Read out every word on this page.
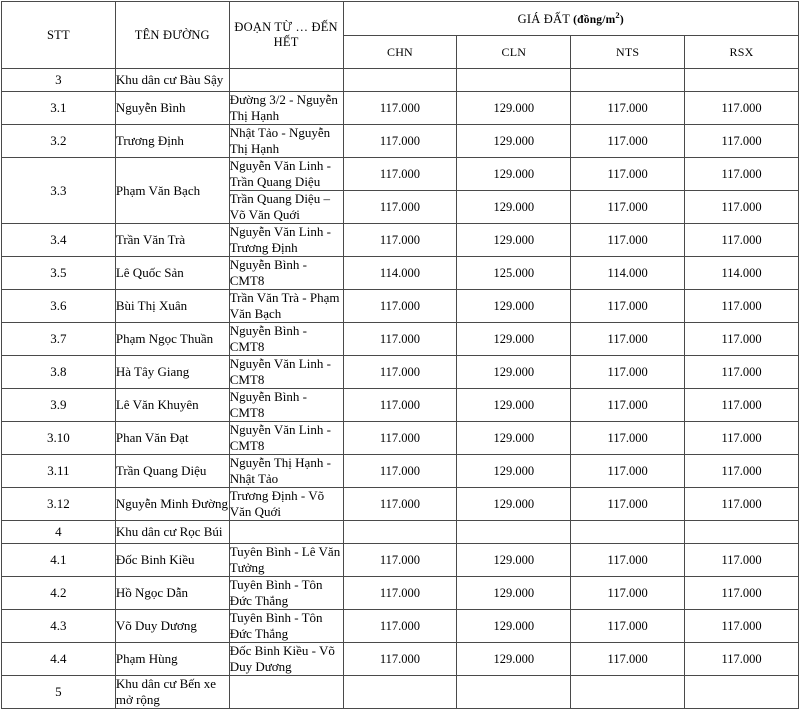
STT	TÊN ĐƯỜNG	ĐOẠN TỪ … ĐẾN HẾT	GIÁ ĐẤT $(đồng/m^2)$			
			CHN	CLN	NTS	RSX
3	Khu dân cư Bàu Sậy					
3.1	Nguyễn Bình	Đường 3/2 - Nguyễn Thị Hạnh	117.000	129.000	117.000	117.000
3.2	Trương Định	Nhật Tảo - Nguyễn Thị Hạnh	117.000	129.000	117.000	117.000
3.3	Phạm Văn Bạch	Nguyễn Văn Linh - Trần Quang Diệu	117.000	129.000	117.000	117.000
		Trần Quang Diệu – Võ Văn Quới	117.000	129.000	117.000	117.000
3.4	Trần Văn Trà	Nguyễn Văn Linh - Trương Định	117.000	129.000	117.000	117.000
3.5	Lê Quốc Sản	Nguyễn Bình - CMT8	114.000	125.000	114.000	114.000
3.6	Bùi Thị Xuân	Trần Văn Trà - Phạm Văn Bạch	117.000	129.000	117.000	117.000
3.7	Phạm Ngọc Thuần	Nguyễn Bình - CMT8	117.000	129.000	117.000	117.000
3.8	Hà Tây Giang	Nguyễn Văn Linh - CMT8	117.000	129.000	117.000	117.000
3.9	Lê Văn Khuyên	Nguyễn Bình - CMT8	117.000	129.000	117.000	117.000
3.10	Phan Văn Đạt	Nguyễn Văn Linh - CMT8	117.000	129.000	117.000	117.000
3.11	Trần Quang Diệu	Nguyễn Thị Hạnh - Nhật Tảo	117.000	129.000	117.000	117.000
3.12	Nguyễn Minh Đường	Trương Định - Võ Văn Quới	117.000	129.000	117.000	117.000
4	Khu dân cư Rọc Búi					
4.1	Đốc Binh Kiều	Tuyên Bình - Lê Văn Tưởng	117.000	129.000	117.000	117.000
4.2	Hồ Ngọc Dẫn	Tuyên Bình - Tôn Đức Thắng	117.000	129.000	117.000	117.000
4.3	Võ Duy Dương	Tuyên Bình - Tôn Đức Thắng	117.000	129.000	117.000	117.000
4.4	Phạm Hùng	Đốc Binh Kiều - Võ Duy Dương	117.000	129.000	117.000	117.000
5	Khu dân cư Bến xe mở rộng					
